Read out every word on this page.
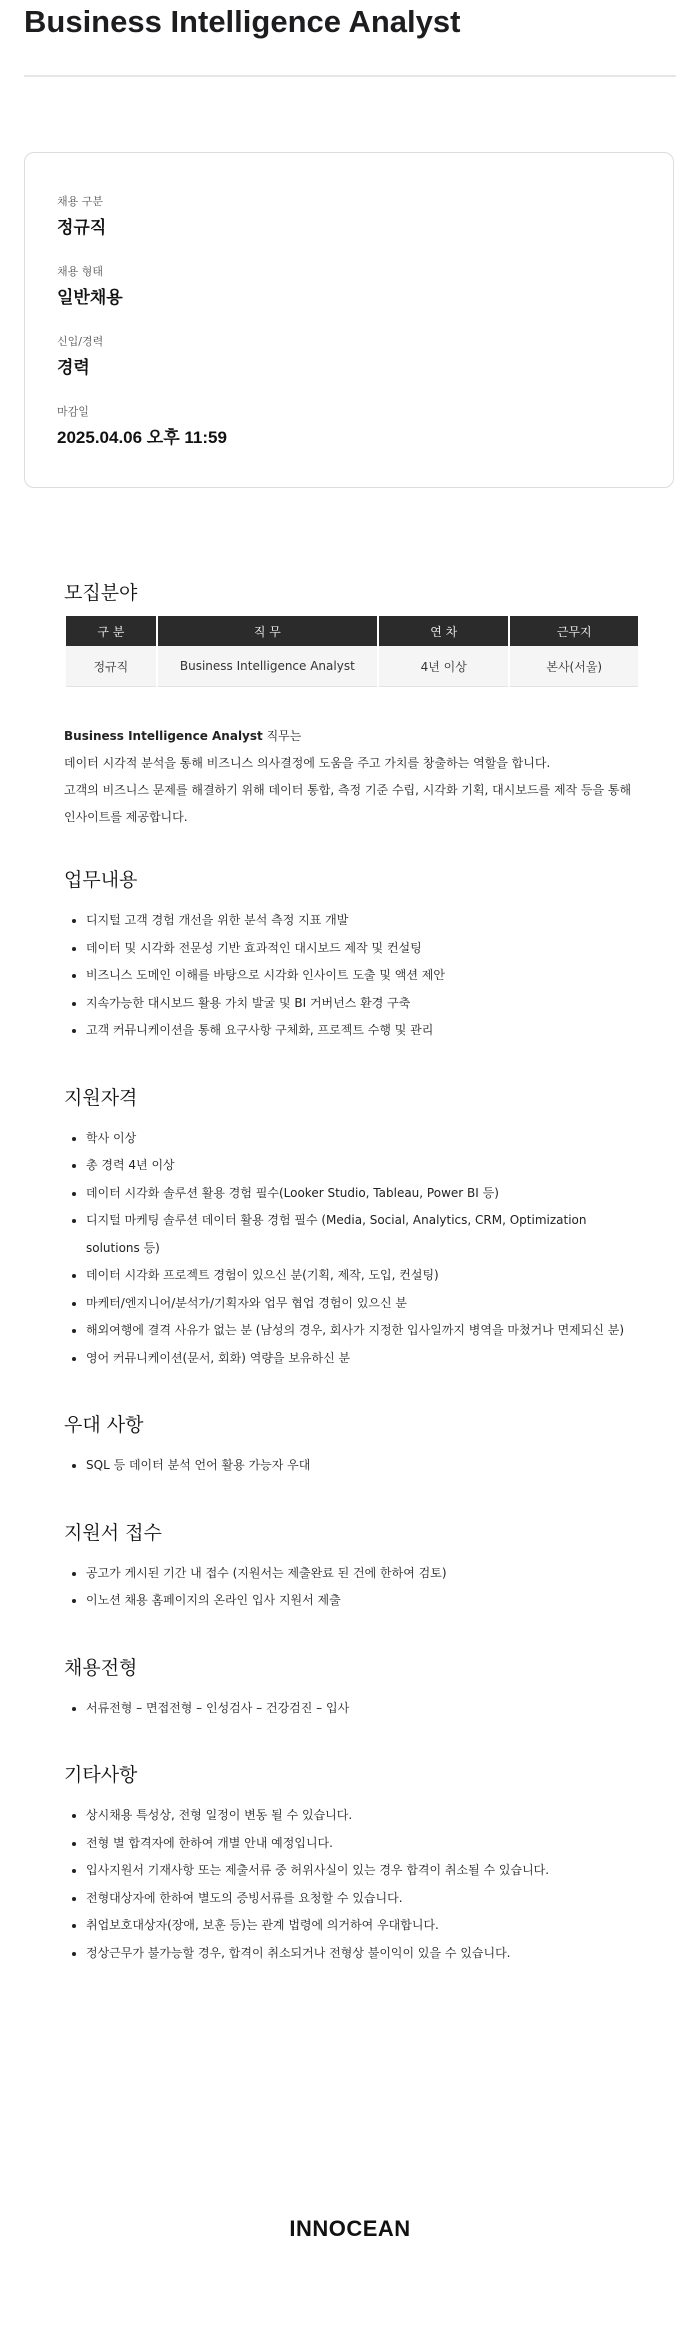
Business Intelligence Analyst

채용 구분

정규직

채용 형태

일반채용

신입/경력

경력

마감일

2025.04.06 오후 11:59

모집분야
구 분	직 무	연 차	근무지
정규직	Business Intelligence Analyst	4년 이상	본사(서울)

Business Intelligence Analyst 직무는

데이터 시각적 분석을 통해 비즈니스 의사결정에 도움을 주고 가치를 창출하는 역할을 합니다.

고객의 비즈니스 문제를 해결하기 위해 데이터 통합, 측정 기준 수립, 시각화 기획, 대시보드를 제작 등을 통해

인사이트를 제공합니다.

업무내용
디지털 고객 경험 개선을 위한 분석 측정 지표 개발
데이터 및 시각화 전문성 기반 효과적인 대시보드 제작 및 컨설팅
비즈니스 도메인 이해를 바탕으로 시각화 인사이트 도출 및 액션 제안
지속가능한 대시보드 활용 가치 발굴 및 BI 거버넌스 환경 구축
고객 커뮤니케이션을 통해 요구사항 구체화, 프로젝트 수행 및 관리
지원자격
학사 이상
총 경력 4년 이상
데이터 시각화 솔루션 활용 경험 필수(Looker Studio, Tableau, Power BI 등)
디지털 마케팅 솔루션 데이터 활용 경험 필수 (Media, Social, Analytics, CRM, Optimization solutions 등)
데이터 시각화 프로젝트 경험이 있으신 분(기획, 제작, 도입, 컨설팅)
마케터/엔지니어/분석가/기획자와 업무 협업 경험이 있으신 분
해외여행에 결격 사유가 없는 분 (남성의 경우, 회사가 지정한 입사일까지 병역을 마쳤거나 면제되신 분)
영어 커뮤니케이션(문서, 회화) 역량을 보유하신 분
우대 사항
SQL 등 데이터 분석 언어 활용 가능자 우대
지원서 접수
공고가 게시된 기간 내 접수 (지원서는 제출완료 된 건에 한하여 검토)
이노션 채용 홈페이지의 온라인 입사 지원서 제출
채용전형
서류전형 – 면접전형 – 인성검사 – 건강검진 – 입사
기타사항
상시채용 특성상, 전형 일정이 변동 될 수 있습니다.
전형 별 합격자에 한하여 개별 안내 예정입니다.
입사지원서 기재사항 또는 제출서류 중 허위사실이 있는 경우 합격이 취소될 수 있습니다.
전형대상자에 한하여 별도의 증빙서류를 요청할 수 있습니다.
취업보호대상자(장애, 보훈 등)는 관계 법령에 의거하여 우대합니다.
정상근무가 불가능할 경우, 합격이 취소되거나 전형상 불이익이 있을 수 있습니다.
INNOCEAN
